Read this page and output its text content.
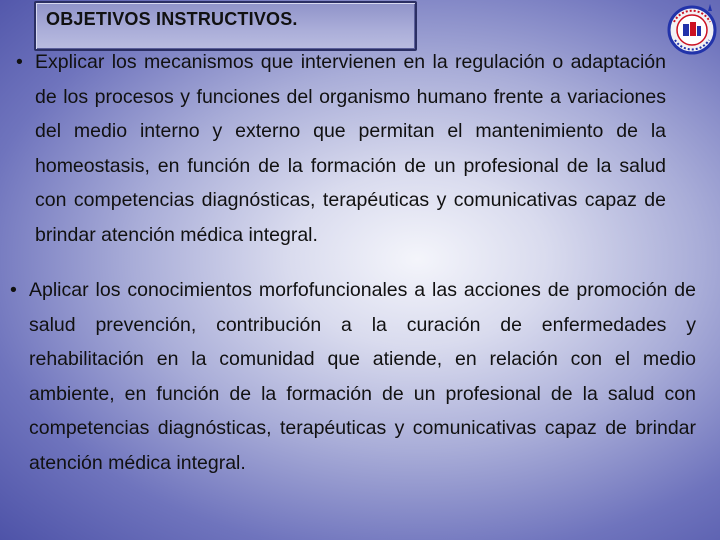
OBJETIVOS INSTRUCTIVOS.
• Explicar los mecanismos que intervienen en la regulación o adaptación de los procesos y funciones del organismo humano frente a variaciones del medio interno y externo que permitan el mantenimiento de la homeostasis, en función de la formación de un profesional de la salud con competencias diagnósticas, terapéuticas y comunicativas capaz de brindar atención médica integral.

• Aplicar los conocimientos morfofuncionales a las acciones de promoción de salud prevención, contribución a la curación de enfermedades y rehabilitación en la comunidad que atiende, en relación con el medio ambiente, en función de la formación de un profesional de la salud con competencias diagnósticas, terapéuticas y comunicativas capaz de brindar atención médica integral.
